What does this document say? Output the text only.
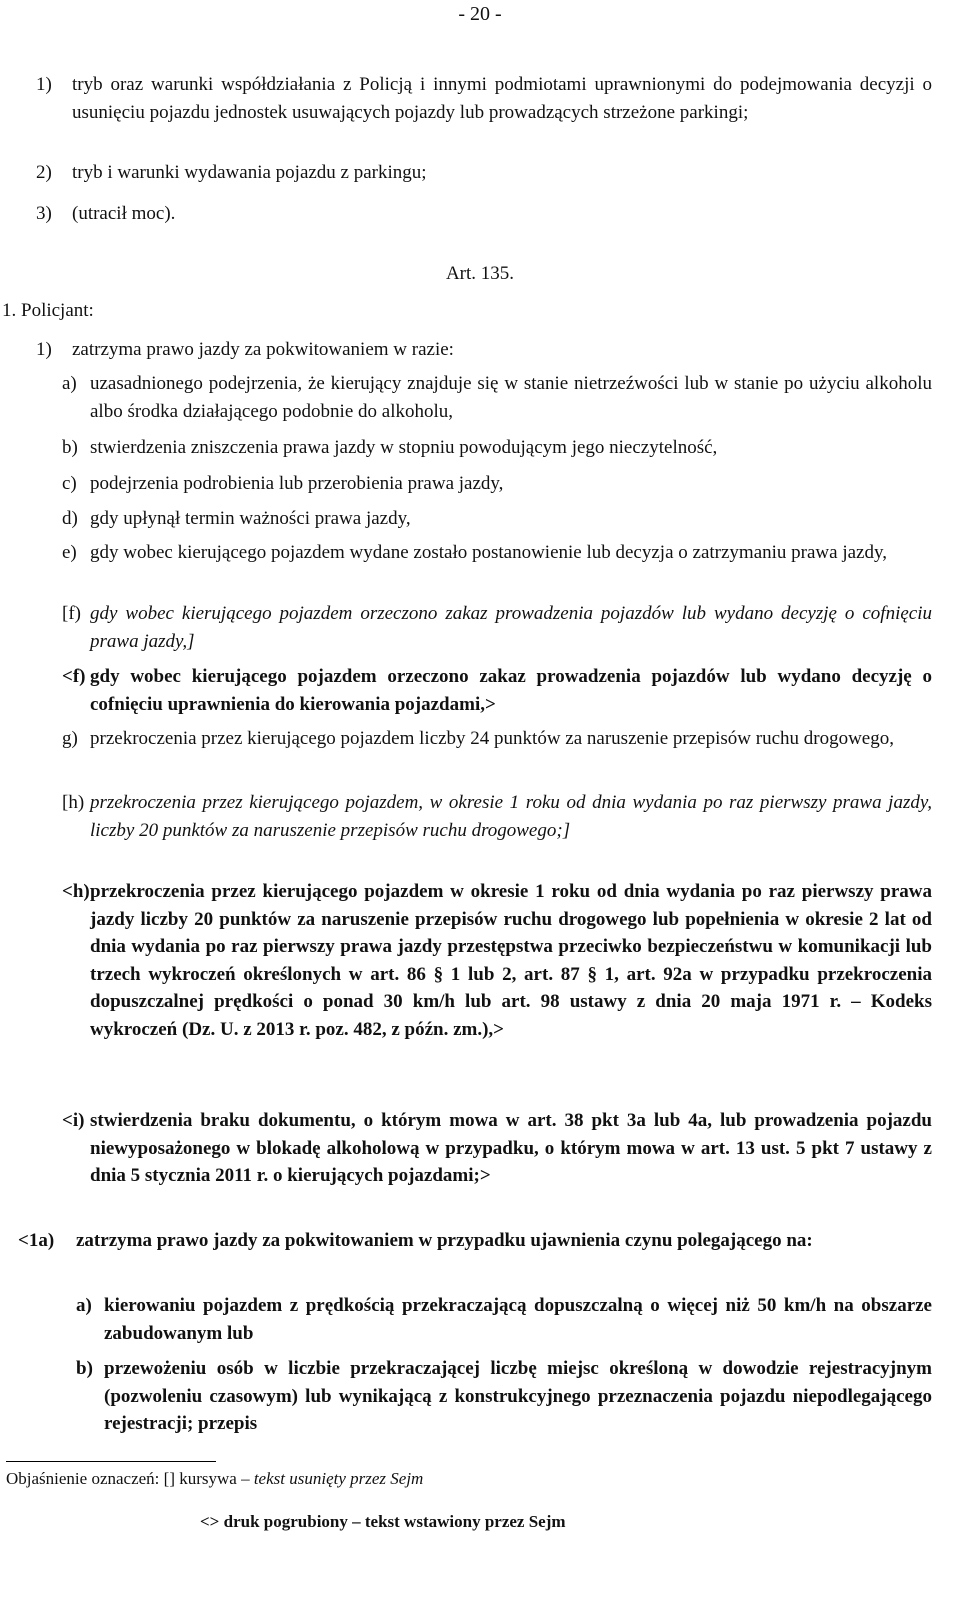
- 20 -
1)	tryb oraz warunki współdziałania z Policją i innymi podmiotami uprawnionymi do podejmowania decyzji o usunięciu pojazdu jednostek usuwających pojazdy lub prowadzących strzeżone parkingi;
2)	tryb i warunki wydawania pojazdu z parkingu;
3)	(utracił moc).
Art. 135.
1. Policjant:
1)	zatrzyma prawo jazdy za pokwitowaniem w razie:
a) uzasadnionego podejrzenia, że kierujący znajduje się w stanie nietrzeźwości lub w stanie po użyciu alkoholu albo środka działającego podobnie do alkoholu,
b) stwierdzenia zniszczenia prawa jazdy w stopniu powodującym jego nieczytelność,
c) podejrzenia podrobienia lub przerobienia prawa jazdy,
d) gdy upłynął termin ważności prawa jazdy,
e) gdy wobec kierującego pojazdem wydane zostało postanowienie lub decyzja o zatrzymaniu prawa jazdy,
[f) gdy wobec kierującego pojazdem orzeczono zakaz prowadzenia pojazdów lub wydano decyzję o cofnięciu prawa jazdy,]
<f) gdy wobec kierującego pojazdem orzeczono zakaz prowadzenia pojazdów lub wydano decyzję o cofnięciu uprawnienia do kierowania pojazdami,>
g) przekroczenia przez kierującego pojazdem liczby 24 punktów za naruszenie przepisów ruchu drogowego,
[h) przekroczenia przez kierującego pojazdem, w okresie 1 roku od dnia wydania po raz pierwszy prawa jazdy, liczby 20 punktów za naruszenie przepisów ruchu drogowego;]
<h) przekroczenia przez kierującego pojazdem w okresie 1 roku od dnia wydania po raz pierwszy prawa jazdy liczby 20 punktów za naruszenie przepisów ruchu drogowego lub popełnienia w okresie 2 lat od dnia wydania po raz pierwszy prawa jazdy przestępstwa przeciwko bezpieczeństwu w komunikacji lub trzech wykroczeń określonych w art. 86 § 1 lub 2, art. 87 § 1, art. 92a w przypadku przekroczenia dopuszczalnej prędkości o ponad 30 km/h lub art. 98 ustawy z dnia 20 maja 1971 r. – Kodeks wykroczeń (Dz. U. z 2013 r. poz. 482, z późn. zm.),>
<i) stwierdzenia braku dokumentu, o którym mowa w art. 38 pkt 3a lub 4a, lub prowadzenia pojazdu niewyposażonego w blokadę alkoholową w przypadku, o którym mowa w art. 13 ust. 5 pkt 7 ustawy z dnia 5 stycznia 2011 r. o kierujących pojazdami;>
<1a)	zatrzyma prawo jazdy za pokwitowaniem w przypadku ujawnienia czynu polegającego na:
a) kierowaniu pojazdem z prędkością przekraczającą dopuszczalną o więcej niż 50 km/h na obszarze zabudowanym lub
b) przewożeniu osób w liczbie przekraczającej liczbę miejsc określoną w dowodzie rejestracyjnym (pozwoleniu czasowym) lub wynikającą z konstrukcyjnego przeznaczenia pojazdu niepodlegającego rejestracji; przepis
Objaśnienie oznaczeń: [] kursywa – tekst usunięty przez Sejm
<> druk pogrubiony – tekst wstawiony przez Sejm
